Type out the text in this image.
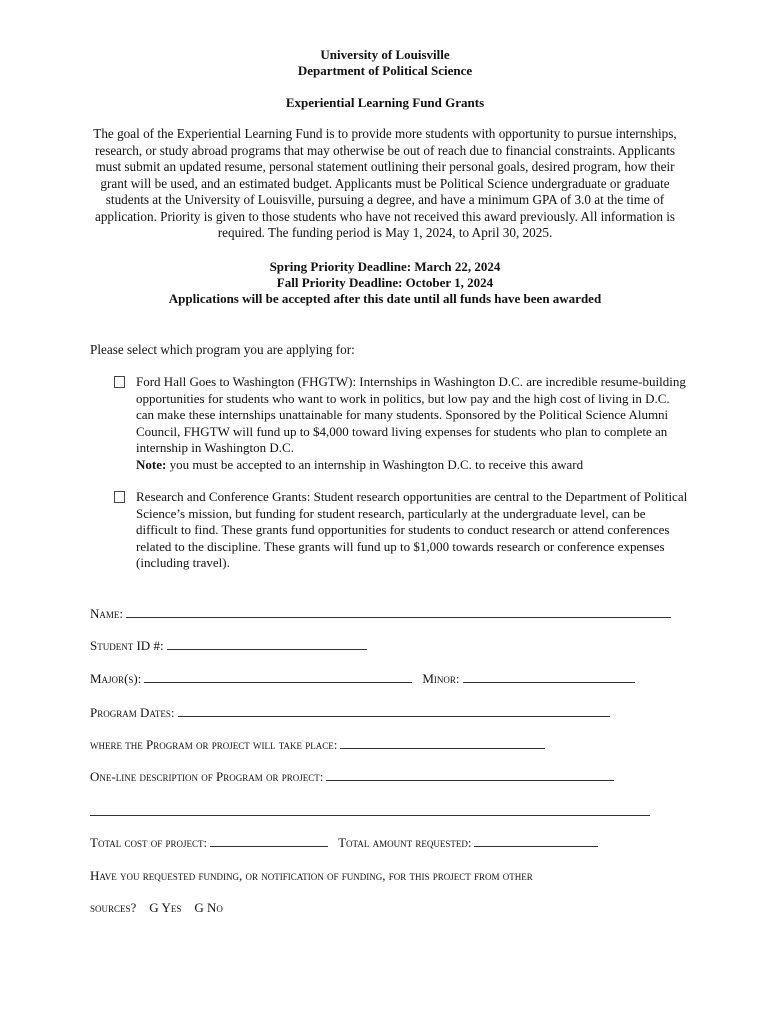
University of Louisville
Department of Political Science
Experiential Learning Fund Grants
The goal of the Experiential Learning Fund is to provide more students with opportunity to pursue internships, research, or study abroad programs that may otherwise be out of reach due to financial constraints. Applicants must submit an updated resume, personal statement outlining their personal goals, desired program, how their grant will be used, and an estimated budget. Applicants must be Political Science undergraduate or graduate students at the University of Louisville, pursuing a degree, and have a minimum GPA of 3.0 at the time of application. Priority is given to those students who have not received this award previously. All information is required. The funding period is May 1, 2024, to April 30, 2025.
Spring Priority Deadline: March 22, 2024
Fall Priority Deadline: October 1, 2024
Applications will be accepted after this date until all funds have been awarded
Please select which program you are applying for:
Ford Hall Goes to Washington (FHGTW): Internships in Washington D.C. are incredible resume-building opportunities for students who want to work in politics, but low pay and the high cost of living in D.C. can make these internships unattainable for many students. Sponsored by the Political Science Alumni Council, FHGTW will fund up to $4,000 toward living expenses for students who plan to complete an internship in Washington D.C.
Note: you must be accepted to an internship in Washington D.C. to receive this award
Research and Conference Grants: Student research opportunities are central to the Department of Political Science’s mission, but funding for student research, particularly at the undergraduate level, can be difficult to find. These grants fund opportunities for students to conduct research or attend conferences related to the discipline. These grants will fund up to $1,000 towards research or conference expenses (including travel).
Name:
Student ID #:
Major(s):	Minor:
Program Dates:
where the Program or project will take place:
One-line description of Program or project:
Total cost of project:	Total amount requested:
Have you requested funding, or notification of funding, for this project from other
sources? G Yes G No
